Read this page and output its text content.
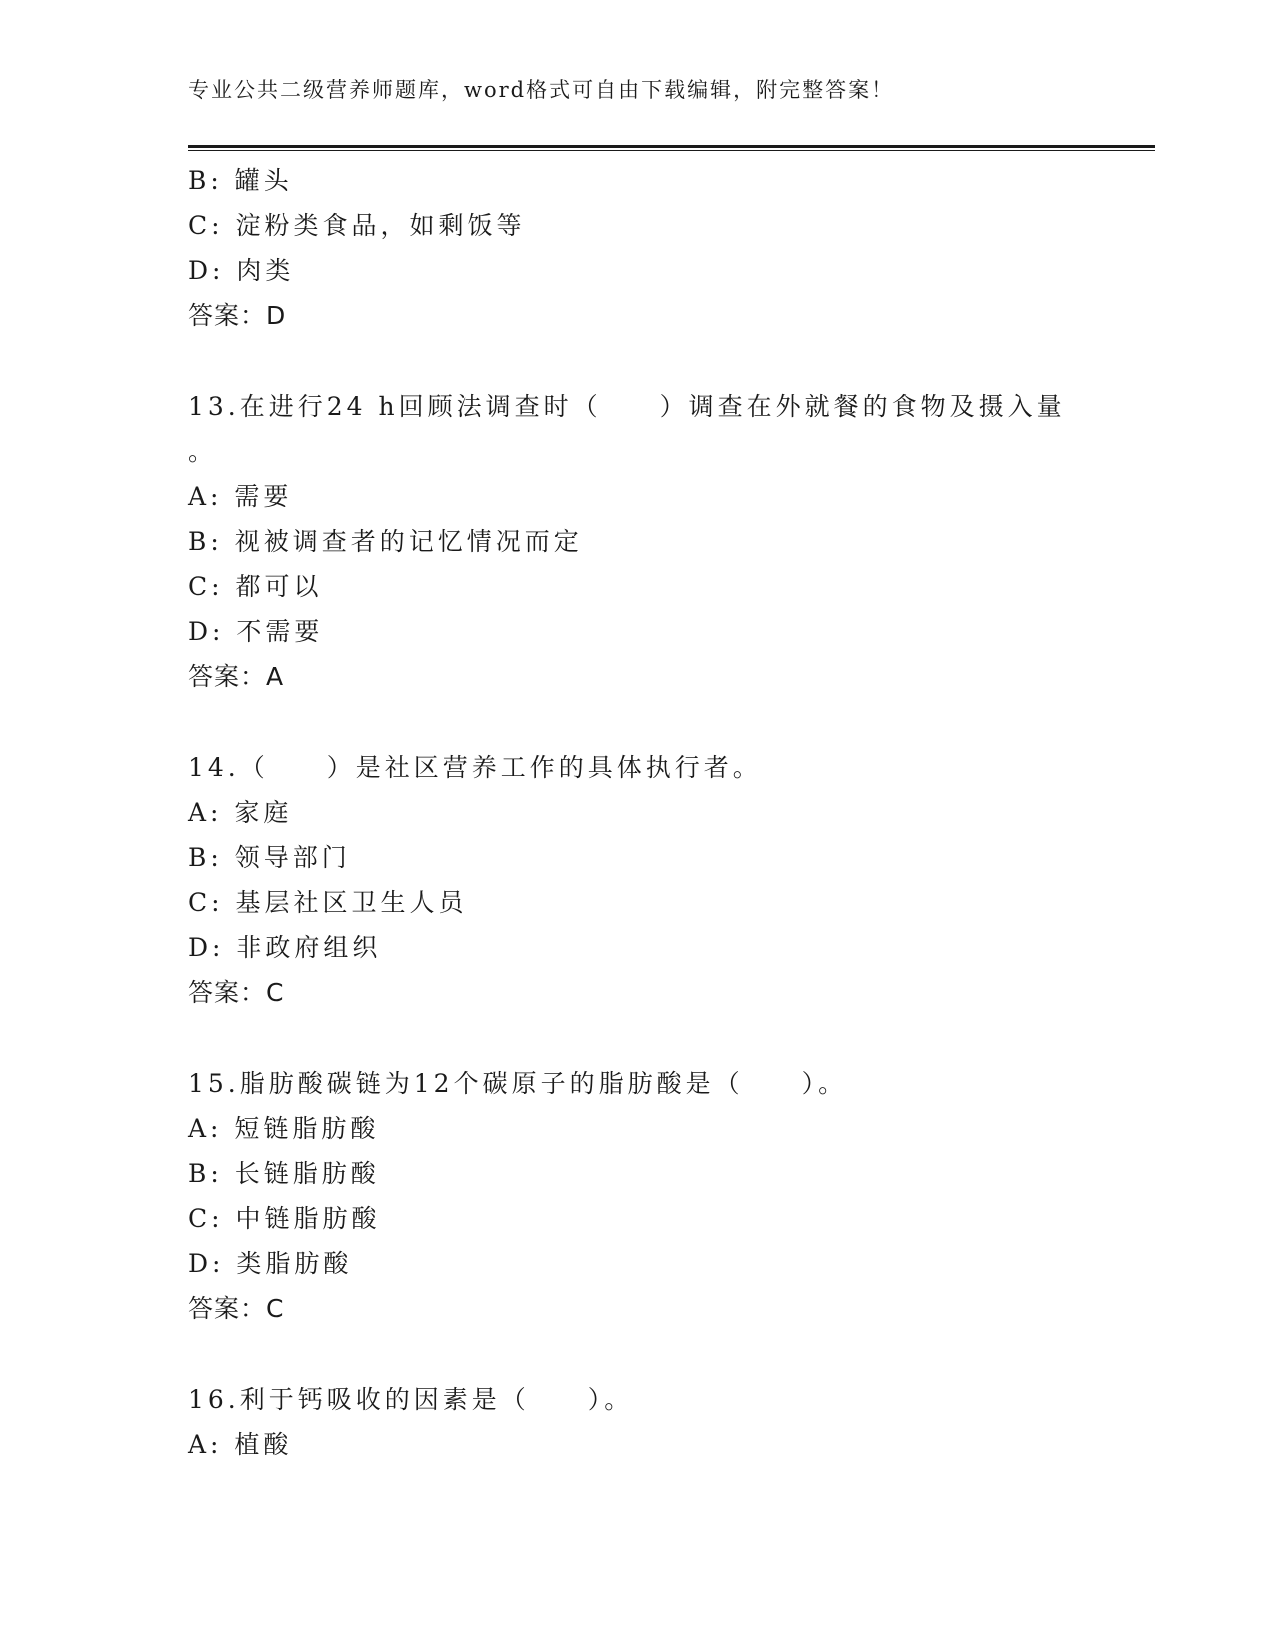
专业公共二级营养师题库，word格式可自由下载编辑，附完整答案！
B: 罐头
C: 淀粉类食品，如剩饭等
D: 肉类
答案：D
13.在进行24 h回顾法调查时（　　）调查在外就餐的食物及摄入量
。
A: 需要
B: 视被调查者的记忆情况而定
C: 都可以
D: 不需要
答案：A
14.（　　）是社区营养工作的具体执行者。
A: 家庭
B: 领导部门
C: 基层社区卫生人员
D: 非政府组织
答案：C
15.脂肪酸碳链为12个碳原子的脂肪酸是（　　）。
A: 短链脂肪酸
B: 长链脂肪酸
C: 中链脂肪酸
D: 类脂肪酸
答案：C
16.利于钙吸收的因素是（　　）。
A: 植酸
